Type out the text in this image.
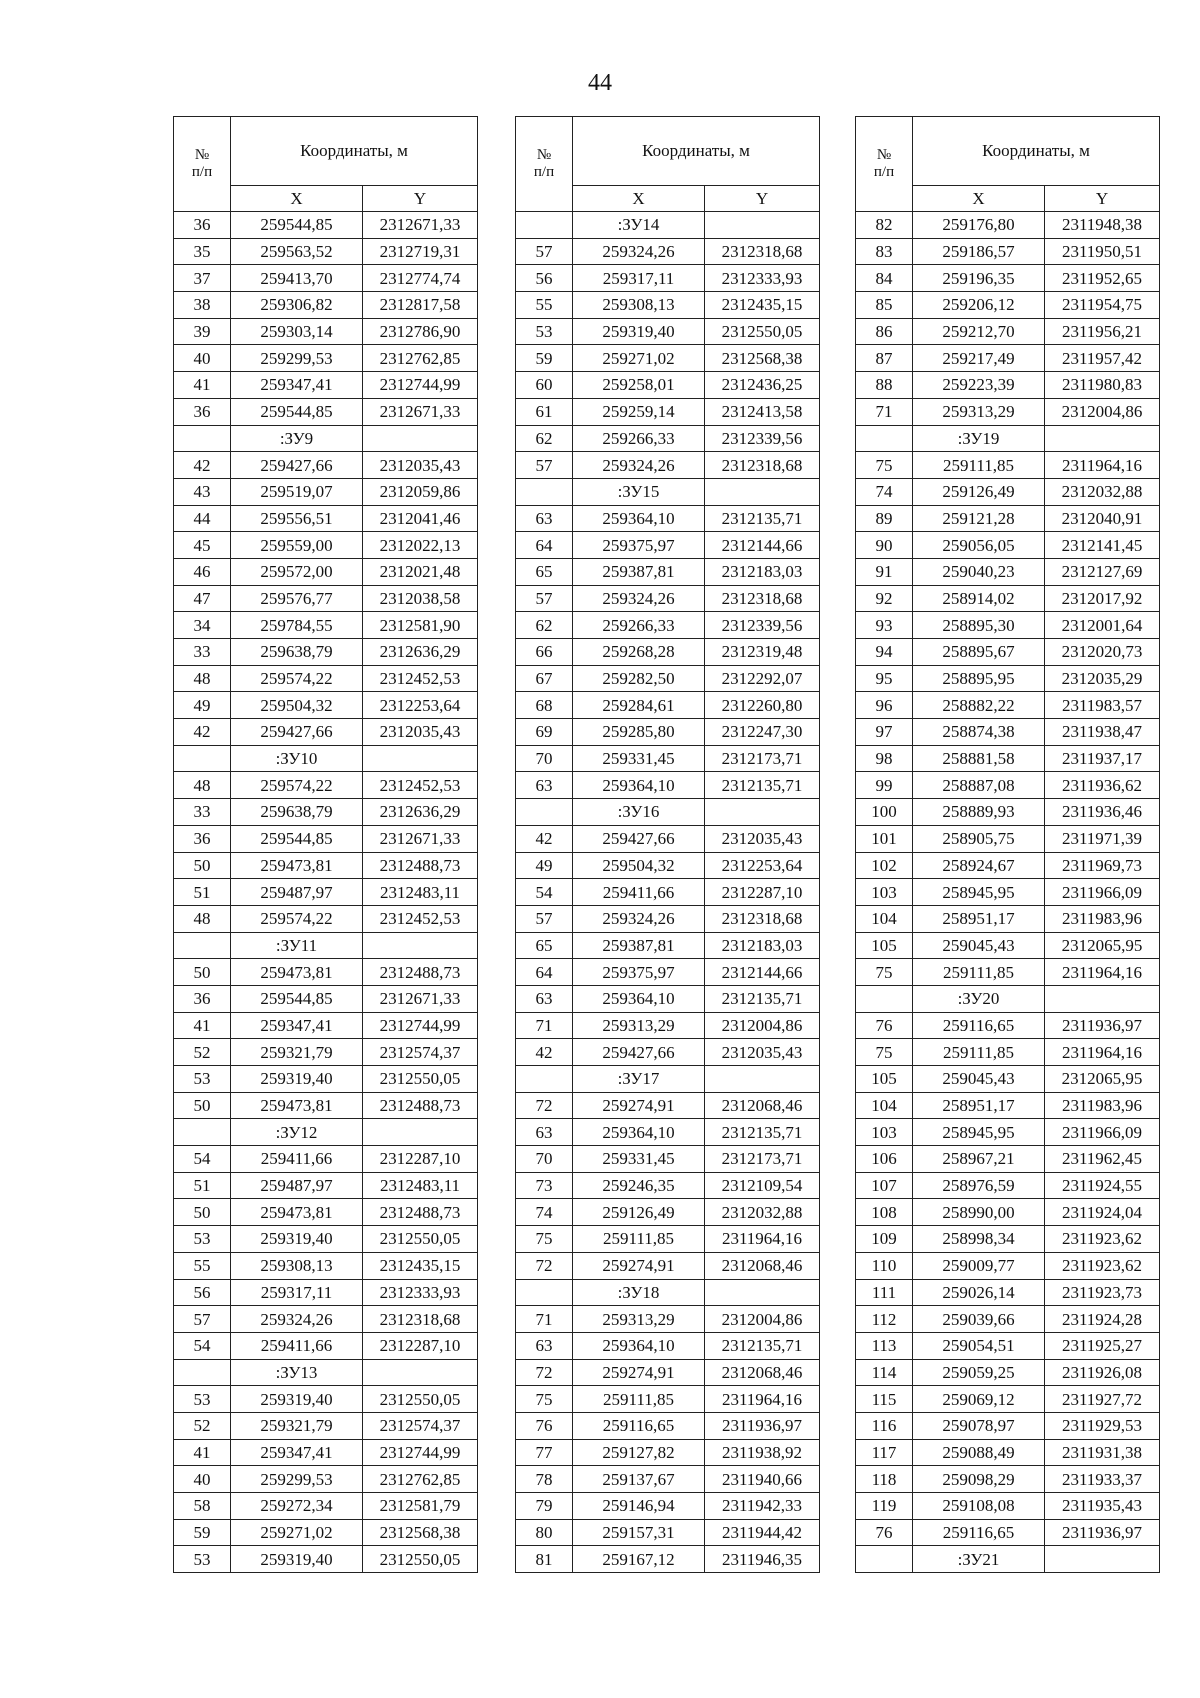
44
№
п/п	Координаты, м	
	X	Y
36	259544,85	2312671,33
35	259563,52	2312719,31
37	259413,70	2312774,74
38	259306,82	2312817,58
39	259303,14	2312786,90
40	259299,53	2312762,85
41	259347,41	2312744,99
36	259544,85	2312671,33
	:ЗУ9	
42	259427,66	2312035,43
43	259519,07	2312059,86
44	259556,51	2312041,46
45	259559,00	2312022,13
46	259572,00	2312021,48
47	259576,77	2312038,58
34	259784,55	2312581,90
33	259638,79	2312636,29
48	259574,22	2312452,53
49	259504,32	2312253,64
42	259427,66	2312035,43
	:ЗУ10	
48	259574,22	2312452,53
33	259638,79	2312636,29
36	259544,85	2312671,33
50	259473,81	2312488,73
51	259487,97	2312483,11
48	259574,22	2312452,53
	:ЗУ11	
50	259473,81	2312488,73
36	259544,85	2312671,33
41	259347,41	2312744,99
52	259321,79	2312574,37
53	259319,40	2312550,05
50	259473,81	2312488,73
	:ЗУ12	
54	259411,66	2312287,10
51	259487,97	2312483,11
50	259473,81	2312488,73
53	259319,40	2312550,05
55	259308,13	2312435,15
56	259317,11	2312333,93
57	259324,26	2312318,68
54	259411,66	2312287,10
	:ЗУ13	
53	259319,40	2312550,05
52	259321,79	2312574,37
41	259347,41	2312744,99
40	259299,53	2312762,85
58	259272,34	2312581,79
59	259271,02	2312568,38
53	259319,40	2312550,05
№
п/п	Координаты, м	
	X	Y
	:ЗУ14	
57	259324,26	2312318,68
56	259317,11	2312333,93
55	259308,13	2312435,15
53	259319,40	2312550,05
59	259271,02	2312568,38
60	259258,01	2312436,25
61	259259,14	2312413,58
62	259266,33	2312339,56
57	259324,26	2312318,68
	:ЗУ15	
63	259364,10	2312135,71
64	259375,97	2312144,66
65	259387,81	2312183,03
57	259324,26	2312318,68
62	259266,33	2312339,56
66	259268,28	2312319,48
67	259282,50	2312292,07
68	259284,61	2312260,80
69	259285,80	2312247,30
70	259331,45	2312173,71
63	259364,10	2312135,71
	:ЗУ16	
42	259427,66	2312035,43
49	259504,32	2312253,64
54	259411,66	2312287,10
57	259324,26	2312318,68
65	259387,81	2312183,03
64	259375,97	2312144,66
63	259364,10	2312135,71
71	259313,29	2312004,86
42	259427,66	2312035,43
	:ЗУ17	
72	259274,91	2312068,46
63	259364,10	2312135,71
70	259331,45	2312173,71
73	259246,35	2312109,54
74	259126,49	2312032,88
75	259111,85	2311964,16
72	259274,91	2312068,46
	:ЗУ18	
71	259313,29	2312004,86
63	259364,10	2312135,71
72	259274,91	2312068,46
75	259111,85	2311964,16
76	259116,65	2311936,97
77	259127,82	2311938,92
78	259137,67	2311940,66
79	259146,94	2311942,33
80	259157,31	2311944,42
81	259167,12	2311946,35
№
п/п	Координаты, м	
	X	Y
82	259176,80	2311948,38
83	259186,57	2311950,51
84	259196,35	2311952,65
85	259206,12	2311954,75
86	259212,70	2311956,21
87	259217,49	2311957,42
88	259223,39	2311980,83
71	259313,29	2312004,86
	:ЗУ19	
75	259111,85	2311964,16
74	259126,49	2312032,88
89	259121,28	2312040,91
90	259056,05	2312141,45
91	259040,23	2312127,69
92	258914,02	2312017,92
93	258895,30	2312001,64
94	258895,67	2312020,73
95	258895,95	2312035,29
96	258882,22	2311983,57
97	258874,38	2311938,47
98	258881,58	2311937,17
99	258887,08	2311936,62
100	258889,93	2311936,46
101	258905,75	2311971,39
102	258924,67	2311969,73
103	258945,95	2311966,09
104	258951,17	2311983,96
105	259045,43	2312065,95
75	259111,85	2311964,16
	:ЗУ20	
76	259116,65	2311936,97
75	259111,85	2311964,16
105	259045,43	2312065,95
104	258951,17	2311983,96
103	258945,95	2311966,09
106	258967,21	2311962,45
107	258976,59	2311924,55
108	258990,00	2311924,04
109	258998,34	2311923,62
110	259009,77	2311923,62
111	259026,14	2311923,73
112	259039,66	2311924,28
113	259054,51	2311925,27
114	259059,25	2311926,08
115	259069,12	2311927,72
116	259078,97	2311929,53
117	259088,49	2311931,38
118	259098,29	2311933,37
119	259108,08	2311935,43
76	259116,65	2311936,97
	:ЗУ21	
